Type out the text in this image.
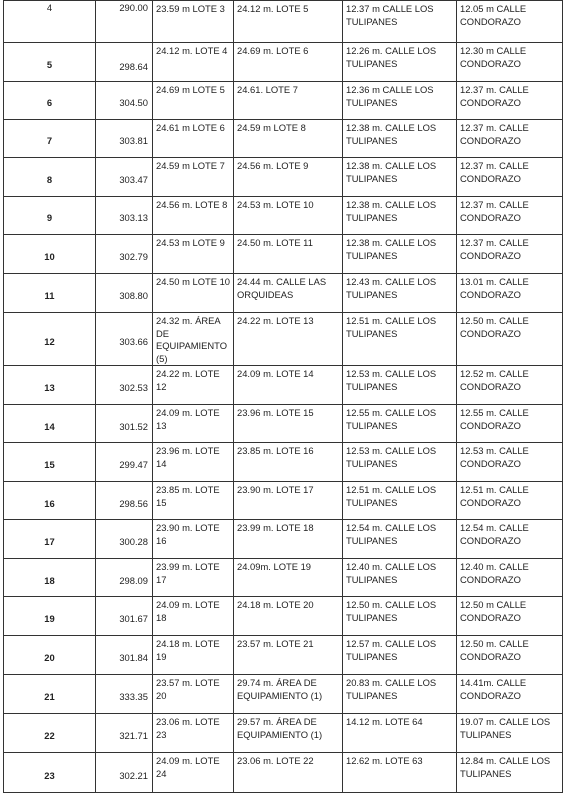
4	290.00	23.59 m LOTE 3	24.12 m. LOTE 5	12.37 m CALLE LOS TULIPANES	12.05 m CALLE CONDORAZO
5	298.64	24.12 m. LOTE 4	24.69 m. LOTE 6	12.26 m. CALLE LOS TULIPANES	12.30 m CALLE CONDORAZO
6	304.50	24.69 m LOTE 5	24.61. LOTE 7	12.36 m CALLE LOS TULIPANES	12.37 m. CALLE CONDORAZO
7	303.81	24.61 m LOTE 6	24.59 m LOTE 8	12.38 m. CALLE LOS TULIPANES	12.37 m. CALLE CONDORAZO
8	303.47	24.59 m LOTE 7	24.56 m. LOTE 9	12.38 m. CALLE LOS TULIPANES	12.37 m. CALLE CONDORAZO
9	303.13	24.56 m. LOTE 8	24.53 m. LOTE 10	12.38 m. CALLE LOS TULIPANES	12.37 m. CALLE CONDORAZO
10	302.79	24.53 m LOTE 9	24.50 m. LOTE 11	12.38 m. CALLE LOS TULIPANES	12.37 m. CALLE CONDORAZO
11	308.80	24.50 m LOTE 10	24.44 m. CALLE LAS ORQUIDEAS	12.43 m. CALLE LOS TULIPANES	13.01 m. CALLE CONDORAZO
12	303.66	24.32 m. ÁREA DE EQUIPAMIENTO (5)	24.22 m. LOTE 13	12.51 m. CALLE LOS TULIPANES	12.50 m. CALLE CONDORAZO
13	302.53	24.22 m. LOTE 12	24.09 m. LOTE 14	12.53 m. CALLE LOS TULIPANES	12.52 m. CALLE CONDORAZO
14	301.52	24.09 m. LOTE 13	23.96 m. LOTE 15	12.55 m. CALLE LOS TULIPANES	12.55 m. CALLE CONDORAZO
15	299.47	23.96 m. LOTE 14	23.85 m. LOTE 16	12.53 m. CALLE LOS TULIPANES	12.53 m. CALLE CONDORAZO
16	298.56	23.85 m. LOTE 15	23.90 m. LOTE 17	12.51 m. CALLE LOS TULIPANES	12.51 m. CALLE CONDORAZO
17	300.28	23.90 m. LOTE 16	23.99 m. LOTE 18	12.54 m. CALLE LOS TULIPANES	12.54 m. CALLE CONDORAZO
18	298.09	23.99 m. LOTE 17	24.09m. LOTE 19	12.40 m. CALLE LOS TULIPANES	12.40 m. CALLE CONDORAZO
19	301.67	24.09 m. LOTE 18	24.18 m. LOTE 20	12.50 m. CALLE LOS TULIPANES	12.50 m CALLE CONDORAZO
20	301.84	24.18 m. LOTE 19	23.57 m. LOTE 21	12.57 m. CALLE LOS TULIPANES	12.50 m. CALLE CONDORAZO
21	333.35	23.57 m. LOTE 20	29.74 m. ÁREA DE EQUIPAMIENTO (1)	20.83 m. CALLE LOS TULIPANES	14.41m. CALLE CONDORAZO
22	321.71	23.06 m. LOTE 23	29.57 m. ÁREA DE EQUIPAMIENTO (1)	14.12 m. LOTE 64	19.07 m. CALLE LOS TULIPANES
23	302.21	24.09 m. LOTE 24	23.06 m. LOTE 22	12.62 m. LOTE 63	12.84 m. CALLE LOS TULIPANES
